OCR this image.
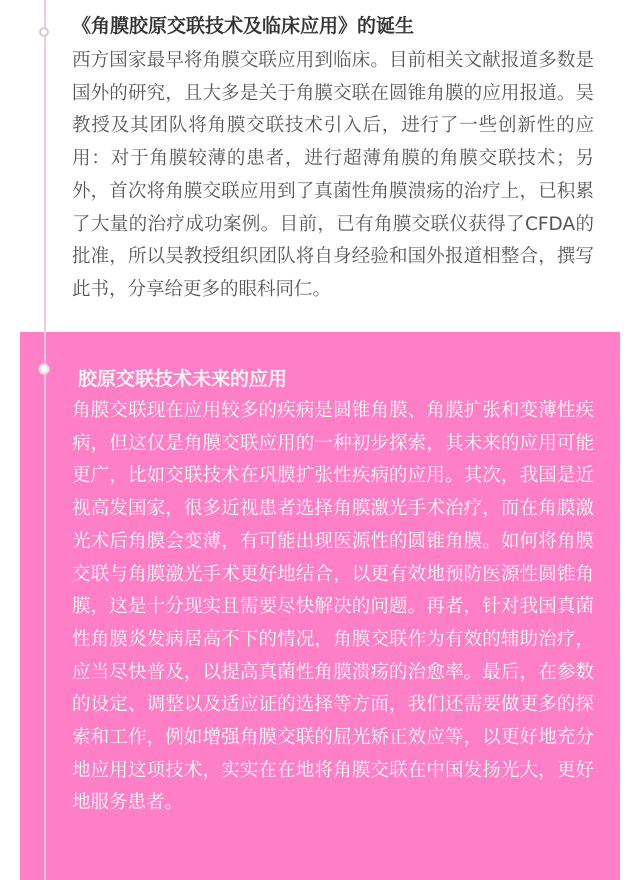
《角膜胶原交联技术及临床应用》的诞生
西方国家最早将角膜交联应用到临床。目前相关文献报道多数是国外的研究，且大多是关于角膜交联在圆锥角膜的应用报道。吴教授及其团队将角膜交联技术引入后，进行了一些创新性的应用：对于角膜较薄的患者，进行超薄角膜的角膜交联技术；另外，首次将角膜交联应用到了真菌性角膜溃疡的治疗上，已积累了大量的治疗成功案例。目前，已有角膜交联仪获得了CFDA的批准，所以吴教授组织团队将自身经验和国外报道相整合，撰写此书，分享给更多的眼科同仁。
胶原交联技术未来的应用
角膜交联现在应用较多的疾病是圆锥角膜、角膜扩张和变薄性疾病，但这仅是角膜交联应用的一种初步探索，其未来的应用可能更广，比如交联技术在巩膜扩张性疾病的应用。其次，我国是近视高发国家，很多近视患者选择角膜激光手术治疗，而在角膜激光术后角膜会变薄，有可能出现医源性的圆锥角膜。如何将角膜交联与角膜激光手术更好地结合，以更有效地预防医源性圆锥角膜，这是十分现实且需要尽快解决的问题。再者，针对我国真菌性角膜炎发病居高不下的情况，角膜交联作为有效的辅助治疗，应当尽快普及，以提高真菌性角膜溃疡的治愈率。最后，在参数的设定、调整以及适应证的选择等方面，我们还需要做更多的探索和工作，例如增强角膜交联的屈光矫正效应等，以更好地充分地应用这项技术，实实在在地将角膜交联在中国发扬光大，更好地服务患者。
